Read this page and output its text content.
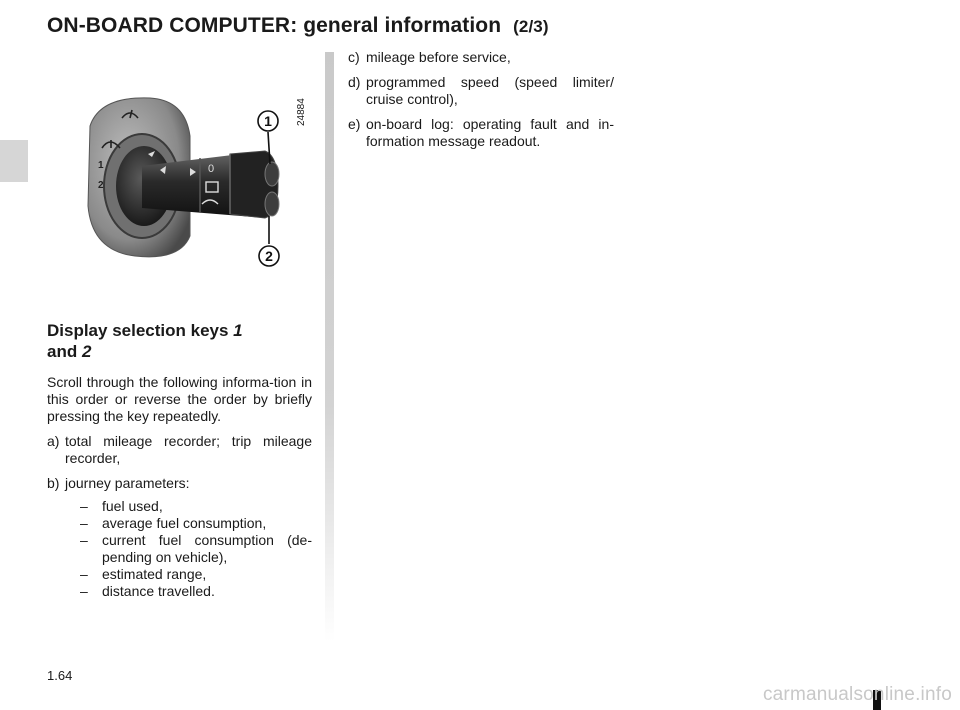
ON-BOARD COMPUTER: general information (2/3)
24884
1
2
0
1
2
Display selection keys 1
and 2

Scroll through the following informa-tion in this order or reverse the order by briefly pressing the key repeatedly.

a) total mileage recorder; trip mileage recorder,
b) journey parameters:
– fuel used,
– average fuel consumption,
– current fuel consumption (de-pending on vehicle),
– estimated range,
– distance travelled.
c) mileage before service,
d) programmed speed (speed limiter/ cruise control),
e) on-board log: operating fault and in-formation message readout.
1.64
carmanualsonline.info
